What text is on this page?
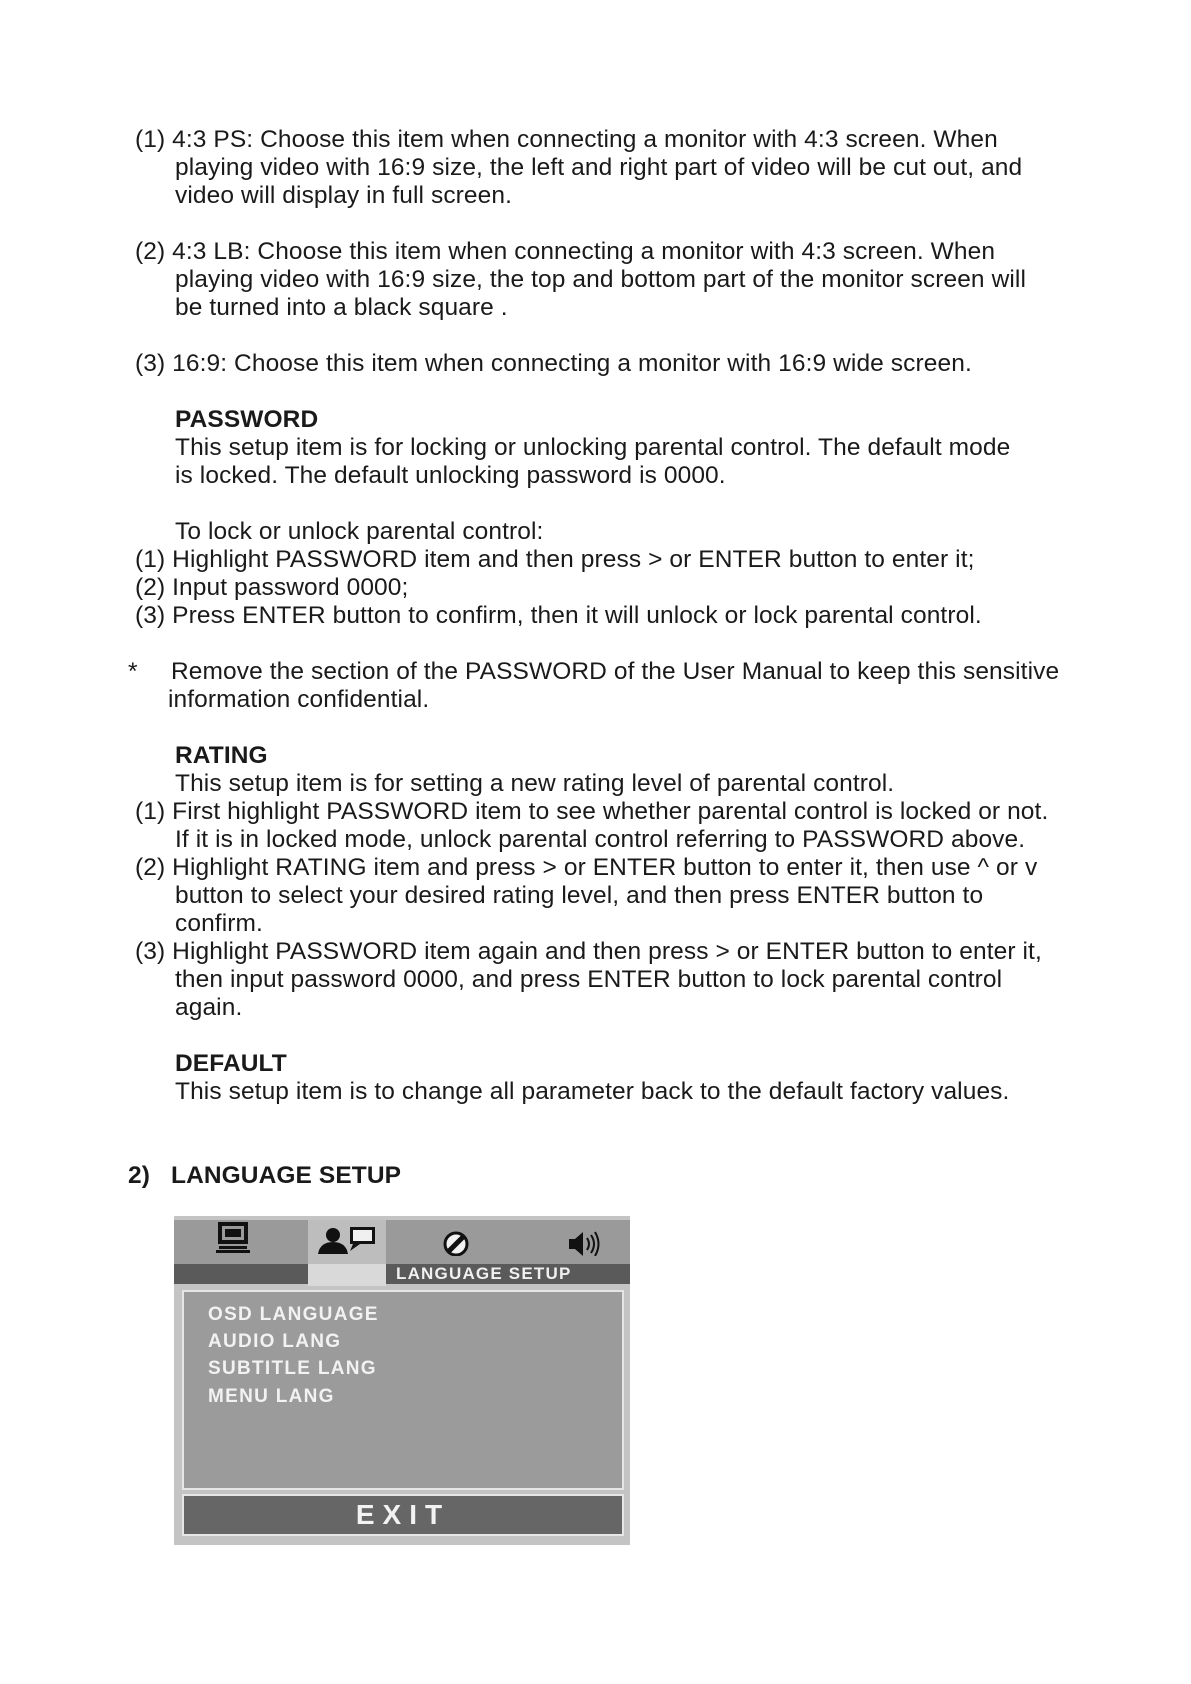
(1) 4:3 PS: Choose this item when connecting a monitor with 4:3 screen. When
playing video with 16:9 size, the left and right part of video will be cut out, and
video will display in full screen.
(2) 4:3 LB: Choose this item when connecting a monitor with 4:3 screen. When
playing video with 16:9 size, the top and bottom part of the monitor screen will
be turned into a black square .
(3) 16:9: Choose this item when connecting a monitor with 16:9 wide screen.
PASSWORD
This setup item is for locking or unlocking parental control. The default mode
is locked. The default unlocking password is 0000.
To lock or unlock parental control:
(1) Highlight PASSWORD item and then press > or ENTER button to enter it;
(2) Input password 0000;
(3) Press ENTER button to confirm, then it will unlock or lock parental control.
* Remove the section of the PASSWORD of the User Manual to keep this sensitive
information confidential.
RATING
This setup item is for setting a new rating level of parental control.
(1) First highlight PASSWORD item to see whether parental control is locked or not.
If it is in locked mode, unlock parental control referring to PASSWORD above.
(2) Highlight RATING item and press > or ENTER button to enter it, then use ^ or v
button to select your desired rating level, and then press ENTER button to
confirm.
(3) Highlight PASSWORD item again and then press > or ENTER button to enter it,
then input password 0000, and press ENTER button to lock parental control
again.
DEFAULT
This setup item is to change all parameter back to the default factory values.
2) LANGUAGE SETUP
LANGUAGE SETUP
OSD LANGUAGE
AUDIO LANG
SUBTITLE LANG
MENU LANG
EXIT
